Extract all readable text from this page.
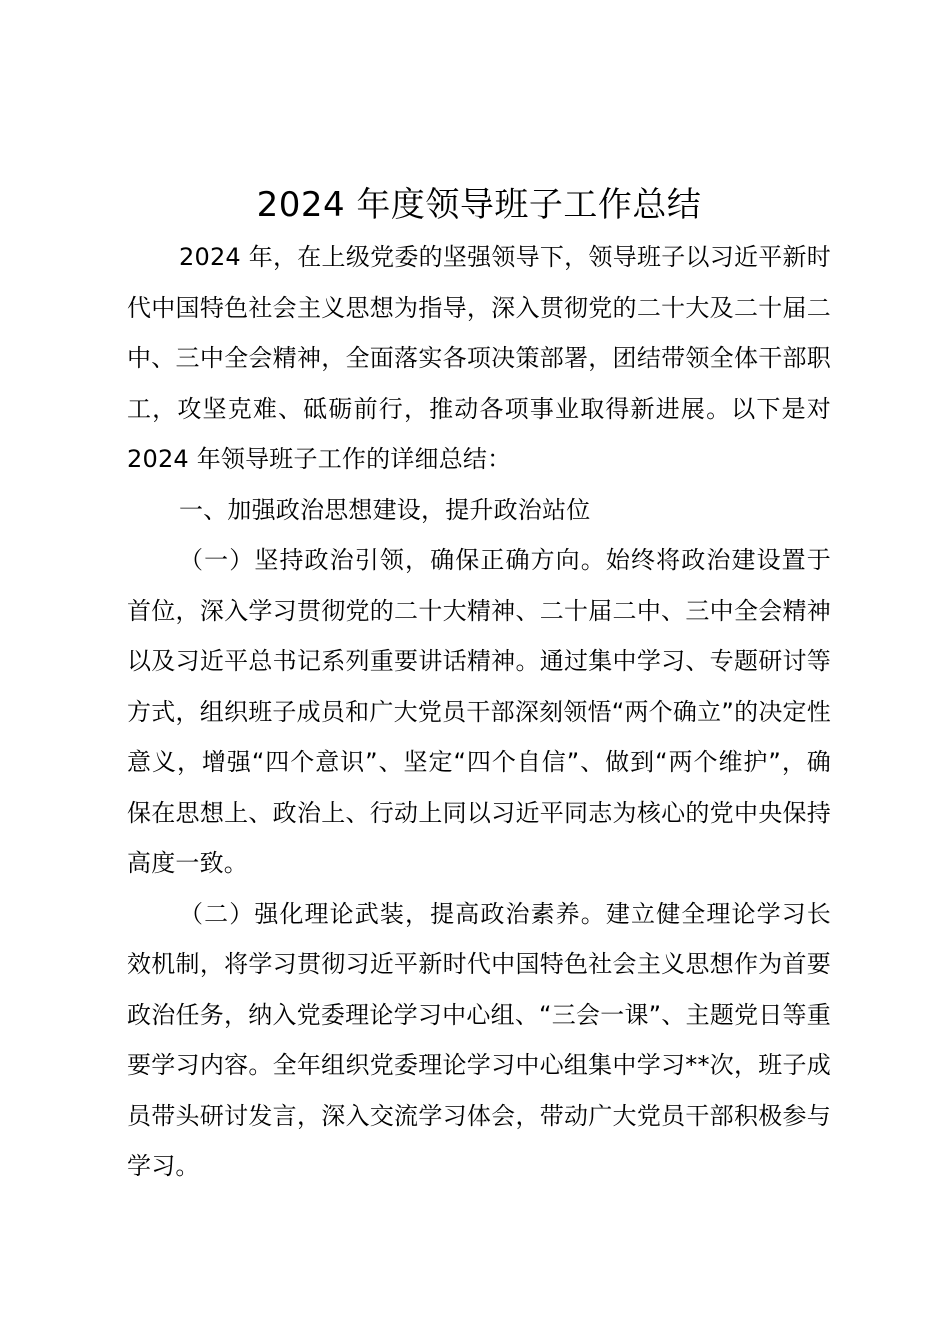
2024 年度领导班子工作总结

2024 年，在上级党委的坚强领导下，领导班子以习近平新时代中国特色社会主义思想为指导，深入贯彻党的二十大及二十届二中、三中全会精神，全面落实各项决策部署，团结带领全体干部职工，攻坚克难、砥砺前行，推动各项事业取得新进展。以下是对 2024 年领导班子工作的详细总结：

一、加强政治思想建设，提升政治站位

（一）坚持政治引领，确保正确方向。始终将政治建设置于首位，深入学习贯彻党的二十大精神、二十届二中、三中全会精神以及习近平总书记系列重要讲话精神。通过集中学习、专题研讨等方式，组织班子成员和广大党员干部深刻领悟“两个确立”的决定性意义，增强“四个意识”、坚定“四个自信”、做到“两个维护”，确保在思想上、政治上、行动上同以习近平同志为核心的党中央保持高度一致。

（二）强化理论武装，提高政治素养。建立健全理论学习长效机制，将学习贯彻习近平新时代中国特色社会主义思想作为首要政治任务，纳入党委理论学习中心组、“三会一课”、主题党日等重要学习内容。全年组织党委理论学习中心组集中学习**次，班子成员带头研讨发言，深入交流学习体会，带动广大党员干部积极参与学习。
